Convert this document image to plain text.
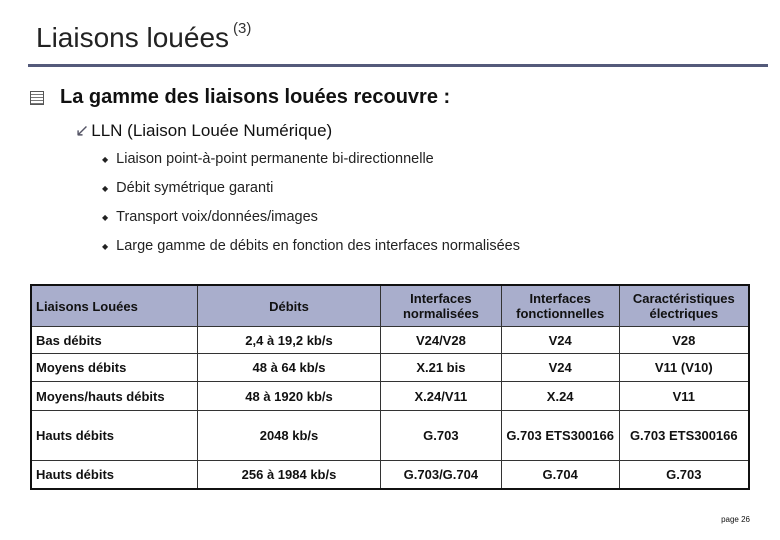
Liaisons louées $^{(3)}$
La gamme des liaisons louées recouvre :
↙ LLN (Liaison Louée Numérique)
◆ Liaison point-à-point permanente bi-directionnelle
◆ Débit symétrique garanti
◆ Transport voix/données/images
◆ Large gamme de débits en fonction des interfaces normalisées
Liaisons Louées	Débits	Interfaces normalisées	Interfaces fonctionnelles	Caractéristiques électriques
Bas débits	2,4 à 19,2 kb/s	V24/V28	V24	V28
Moyens débits	48 à 64 kb/s	X.21 bis	V24	V11 (V10)
Moyens/hauts débits	48 à 1920 kb/s	X.24/V11	X.24	V11
Hauts débits	2048 kb/s	G.703	G.703 ETS300166	G.703 ETS300166
Hauts débits	256 à 1984 kb/s	G.703/G.704	G.704	G.703
page 26
